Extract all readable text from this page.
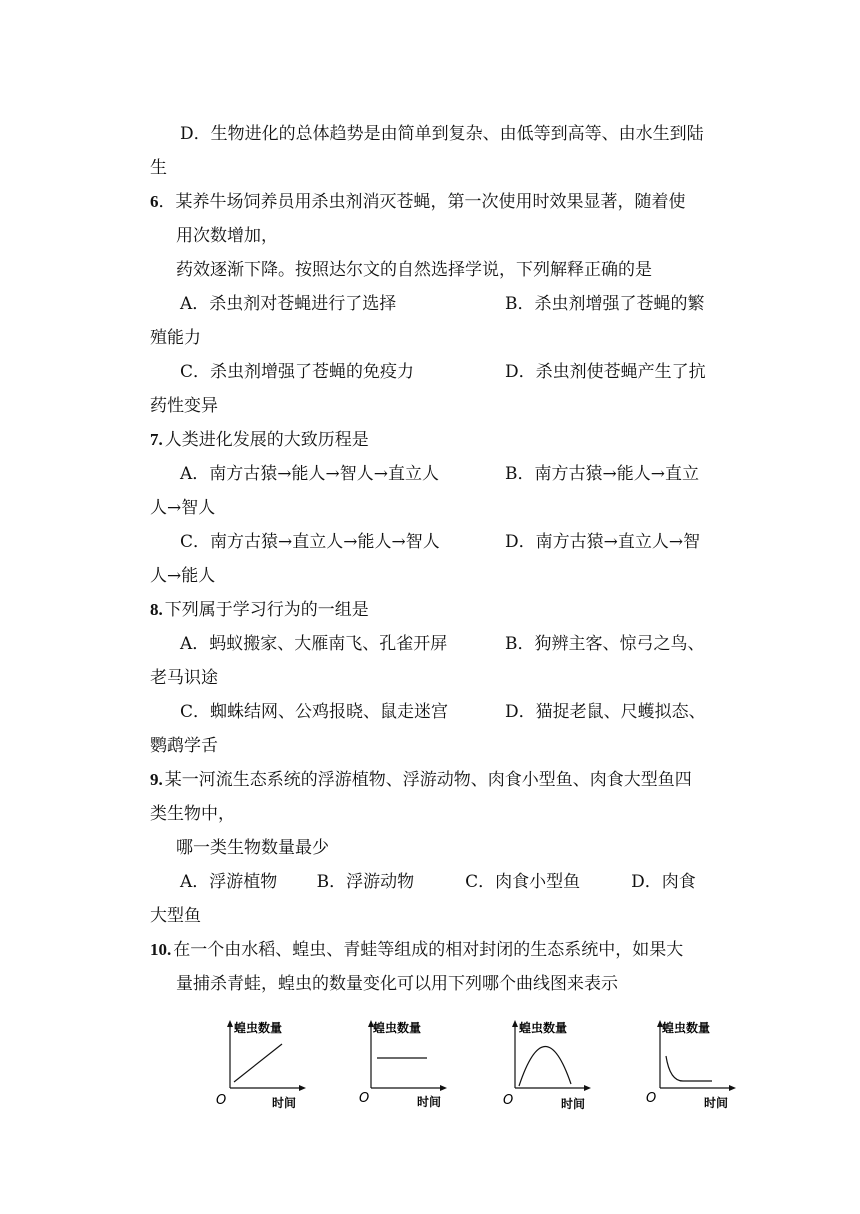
D．生物进化的总体趋势是由简单到复杂、由低等到高等、由水生到陆
生
6．某养牛场饲养员用杀虫剂消灭苍蝇，第一次使用时效果显著，随着使
用次数增加，
药效逐渐下降。按照达尔文的自然选择学说，下列解释正确的是
A．杀虫剂对苍蝇进行了选择	B．杀虫剂增强了苍蝇的繁
殖能力
C．杀虫剂增强了苍蝇的免疫力	D．杀虫剂使苍蝇产生了抗
药性变异
7. 人类进化发展的大致历程是
A．南方古猿→能人→智人→直立人	B．南方古猿→能人→直立
人→智人
C．南方古猿→直立人→能人→智人	D．南方古猿→直立人→智
人→能人
8. 下列属于学习行为的一组是
A．蚂蚁搬家、大雁南飞、孔雀开屏	B．狗辨主客、惊弓之鸟、
老马识途
C．蜘蛛结网、公鸡报晓、鼠走迷宫	D．猫捉老鼠、尺蠖拟态、
鹦鹉学舌
9. 某一河流生态系统的浮游植物、浮游动物、肉食小型鱼、肉食大型鱼四
类生物中，
哪一类生物数量最少
A．浮游植物　　 B．浮游动物　　　C．肉食小型鱼　　　D．肉食
大型鱼
10. 在一个由水稻、蝗虫、青蛙等组成的相对封闭的生态系统中，如果大
量捕杀青蛙，蝗虫的数量变化可以用下列哪个曲线图来表示
蝗虫数量
时间
O
蝗虫数量
时间
O
蝗虫数量
时间
O
蝗虫数量
时间
O
